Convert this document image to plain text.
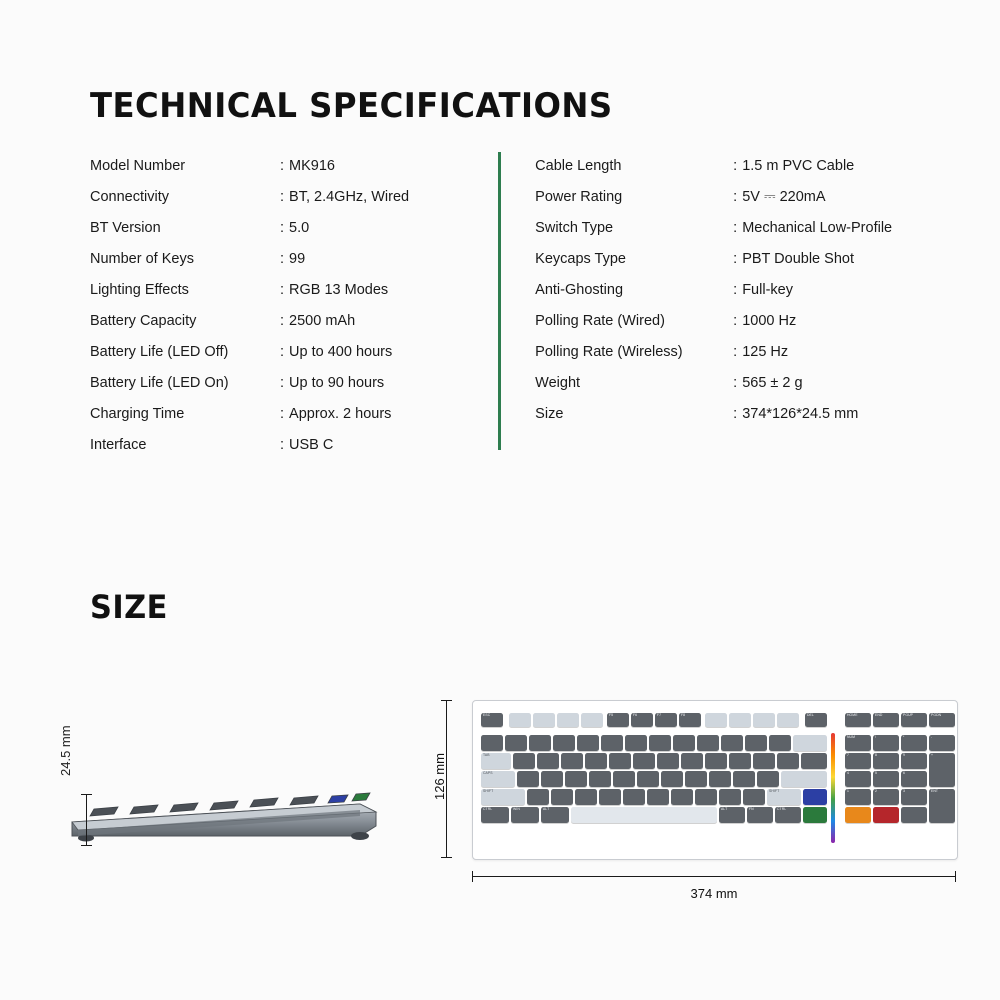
TECHNICAL SPECIFICATIONS
Model Number	: MK916
Connectivity	: BT, 2.4GHz, Wired
BT Version	: 5.0
Number of Keys	: 99
Lighting Effects	: RGB 13 Modes
Battery Capacity	: 2500 mAh
Battery Life (LED Off)	: Up to 400 hours
Battery Life (LED On)	: Up to 90 hours
Charging Time	: Approx. 2 hours
Interface	: USB C
Cable Length	: 1.5 m PVC Cable
Power Rating	: 5V ⎓ 220mA
Switch Type	: Mechanical Low-Profile
Keycaps Type	: PBT Double Shot
Anti-Ghosting	: Full-key
Polling Rate (Wired)	: 1000 Hz
Polling Rate (Wireless)	: 125 Hz
Weight	: 565 ± 2 g
Size	: 374*126*24.5 mm
SIZE
24.5 mm
126 mm
ESC	F5	F6	F7	F8	DEL	HOME	END	PGUP	PGDN
NUM	/	*	-
TAB	7	8	9	+
CAPS	4	5	6
SHIFT	SHIFT	1	2	3	ENT
CTRL	WIN	ALT	ALT	FN	CTRL
374 mm
